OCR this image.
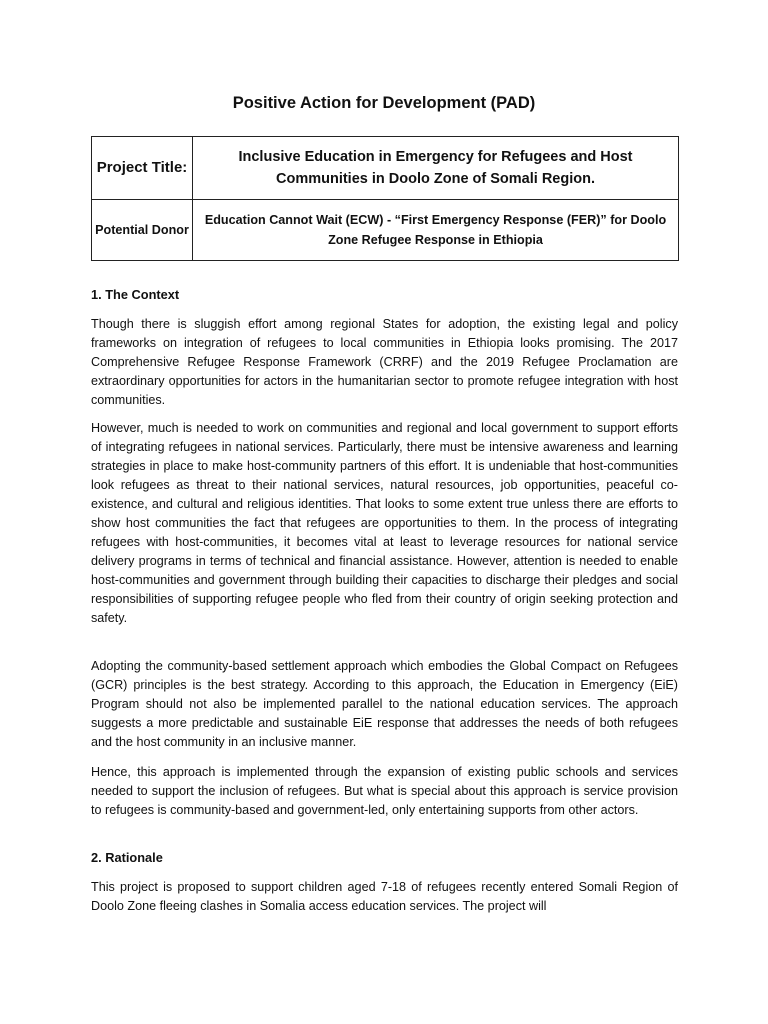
Positive Action for Development (PAD)
Project Title:	Inclusive Education in Emergency for Refugees and Host Communities in Doolo Zone of Somali Region.
Potential Donor	Education Cannot Wait (ECW) - “First Emergency Response (FER)” for Doolo Zone Refugee Response in Ethiopia
1. The Context

Though there is sluggish effort among regional States for adoption, the existing legal and policy frameworks on integration of refugees to local communities in Ethiopia looks promising. The 2017 Comprehensive Refugee Response Framework (CRRF) and the 2019 Refugee Proclamation are extraordinary opportunities for actors in the humanitarian sector to promote refugee integration with host communities.

However, much is needed to work on communities and regional and local government to support efforts of integrating refugees in national services. Particularly, there must be intensive awareness and learning strategies in place to make host-community partners of this effort. It is undeniable that host-communities look refugees as threat to their national services, natural resources, job opportunities, peaceful co-existence, and cultural and religious identities. That looks to some extent true unless there are efforts to show host communities the fact that refugees are opportunities to them. In the process of integrating refugees with host-communities, it becomes vital at least to leverage resources for national service delivery programs in terms of technical and financial assistance. However, attention is needed to enable host-communities and government through building their capacities to discharge their pledges and social responsibilities of supporting refugee people who fled from their country of origin seeking protection and safety.

Adopting the community-based settlement approach which embodies the Global Compact on Refugees (GCR) principles is the best strategy. According to this approach, the Education in Emergency (EiE) Program should not also be implemented parallel to the national education services. The approach suggests a more predictable and sustainable EiE response that addresses the needs of both refugees and the host community in an inclusive manner.

Hence, this approach is implemented through the expansion of existing public schools and services needed to support the inclusion of refugees. But what is special about this approach is service provision to refugees is community-based and government-led, only entertaining supports from other actors.

2. Rationale

This project is proposed to support children aged 7-18 of refugees recently entered Somali Region of Doolo Zone fleeing clashes in Somalia access education services. The project will
